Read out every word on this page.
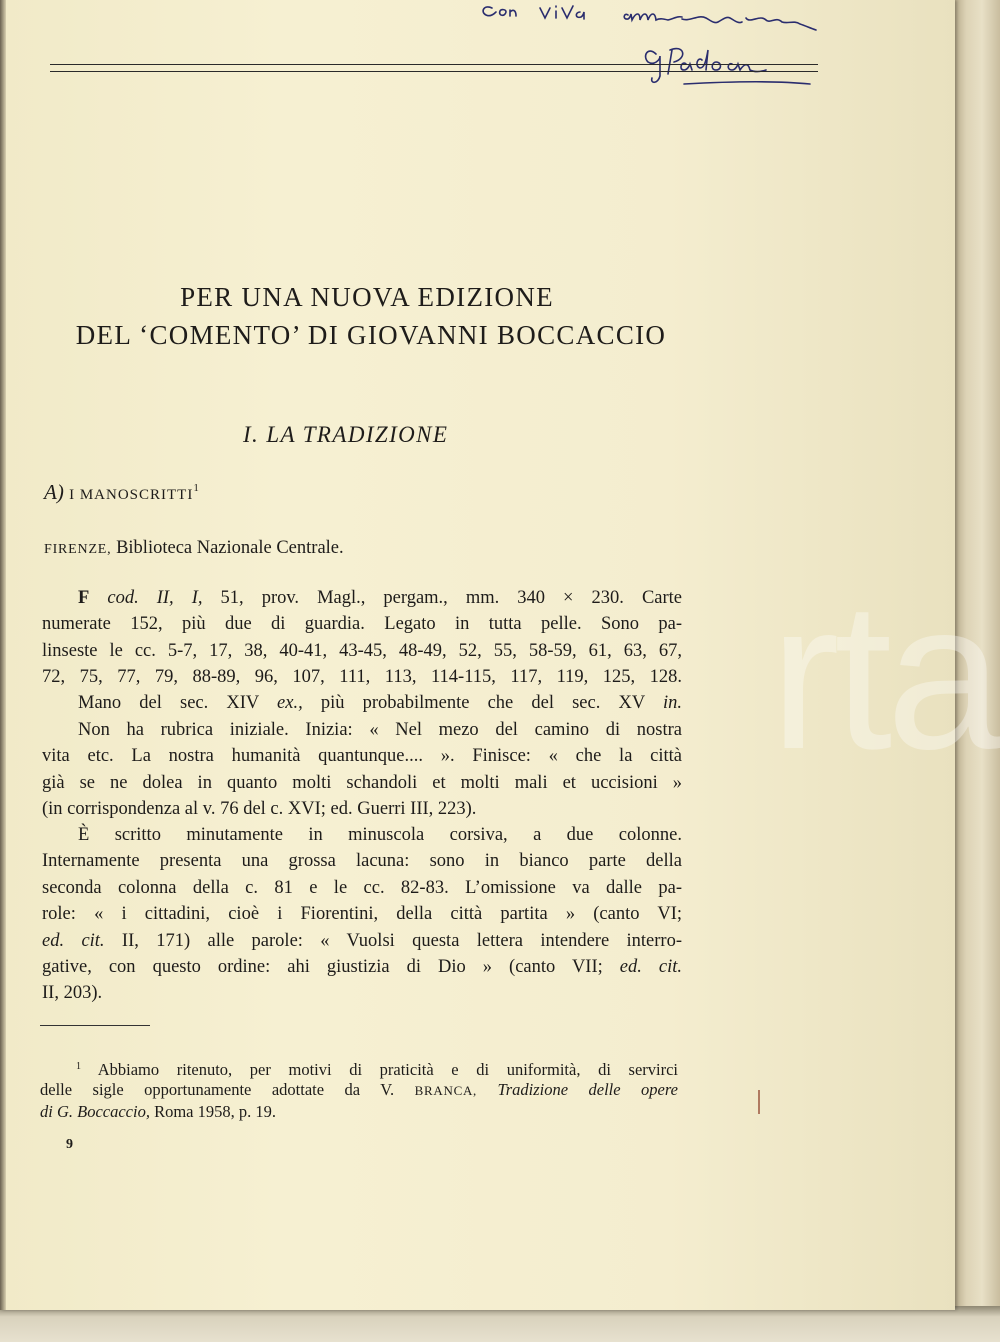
PER UNA NUOVA EDIZIONE
DEL ‘COMENTO’ DI GIOVANNI BOCCACCIO
I. LA TRADIZIONE
A) I MANOSCRITTI$^1$
FIRENZE, Biblioteca Nazionale Centrale.
F cod. II, I, 51, prov. Magl., pergam., mm. 340 × 230. Carte
numerate 152, più due di guardia. Legato in tutta pelle. Sono pa-
linseste le cc. 5-7, 17, 38, 40-41, 43-45, 48-49, 52, 55, 58-59, 61, 63, 67,
72, 75, 77, 79, 88-89, 96, 107, 111, 113, 114-115, 117, 119, 125, 128.
Mano del sec. XIV ex., più probabilmente che del sec. XV in.
Non ha rubrica iniziale. Inizia: « Nel mezo del camino di nostra
vita etc. La nostra humanità quantunque.... ». Finisce: « che la città
già se ne dolea in quanto molti schandoli et molti mali et uccisioni »
(in corrispondenza al v. 76 del c. XVI; ed. Guerri III, 223).
È scritto minutamente in minuscola corsiva, a due colonne.
Internamente presenta una grossa lacuna: sono in bianco parte della
seconda colonna della c. 81 e le cc. 82-83. L’omissione va dalle pa-
role: « i cittadini, cioè i Fiorentini, della città partita » (canto VI;
ed. cit. II, 171) alle parole: « Vuolsi questa lettera intendere interro-
gative, con questo ordine: ahi giustizia di Dio » (canto VII; ed. cit.
II, 203).
$^1$ Abbiamo ritenuto, per motivi di praticità e di uniformità, di servirci
delle sigle opportunamente adottate da V. BRANCA, Tradizione delle opere
di G. Boccaccio, Roma 1958, p. 19.
9
rta
